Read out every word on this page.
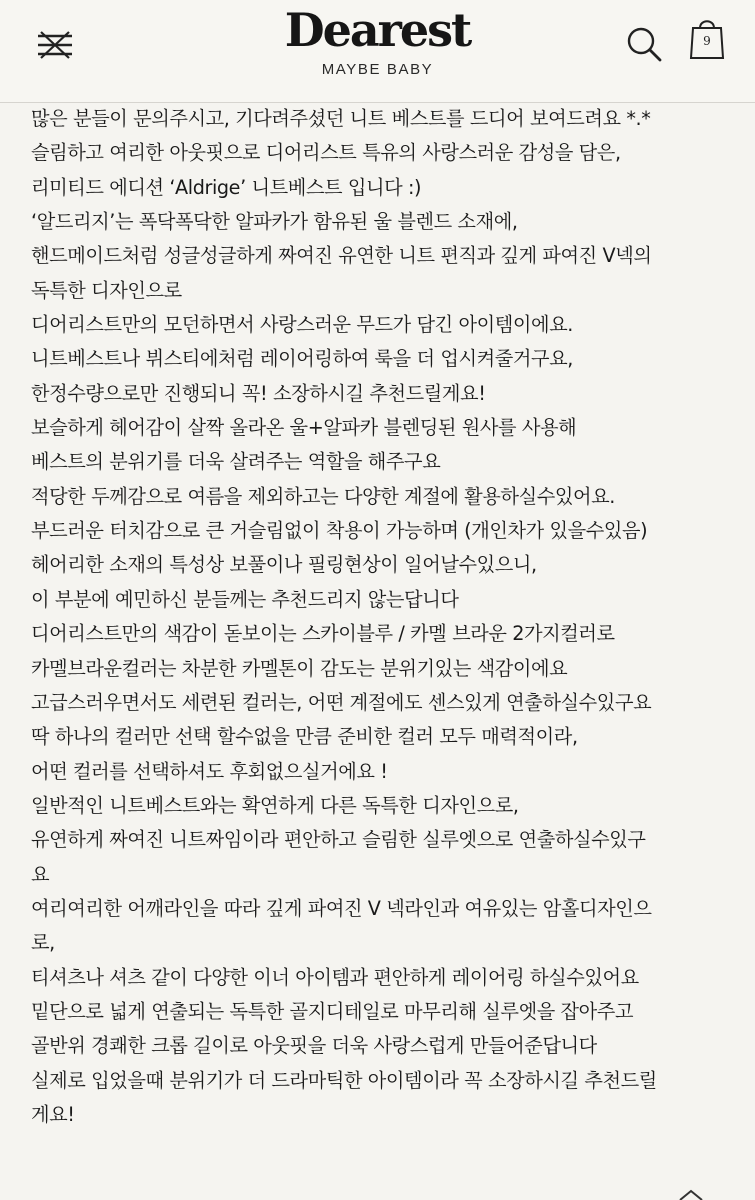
Dearest
MAYBE BABY
9
많은 분들이 문의주시고, 기다려주셨던 니트 베스트를 드디어 보여드려요 *.*
슬림하고 여리한 아웃핏으로 디어리스트 특유의 사랑스러운 감성을 담은,
리미티드 에디션 ‘Aldrige’ 니트베스트 입니다 :)
‘알드리지’는 폭닥폭닥한 알파카가 함유된 울 블렌드 소재에,
핸드메이드처럼 성글성글하게 짜여진 유연한 니트 편직과 깊게 파여진 V넥의
독특한 디자인으로
디어리스트만의 모던하면서 사랑스러운 무드가 담긴 아이템이에요.
니트베스트나 뷔스티에처럼 레이어링하여 룩을 더 업시켜줄거구요,
한정수량으로만 진행되니 꼭! 소장하시길 추천드릴게요!
보슬하게 헤어감이 살짝 올라온 울+알파카 블렌딩된 원사를 사용해
베스트의 분위기를 더욱 살려주는 역할을 해주구요
적당한 두께감으로 여름을 제외하고는 다양한 계절에 활용하실수있어요.
부드러운 터치감으로 큰 거슬림없이 착용이 가능하며 (개인차가 있을수있음)
헤어리한 소재의 특성상 보풀이나 필링현상이 일어날수있으니,
이 부분에 예민하신 분들께는 추천드리지 않는답니다
디어리스트만의 색감이 돋보이는 스카이블루 / 카멜 브라운 2가지컬러로
카멜브라운컬러는 차분한 카멜톤이 감도는 분위기있는 색감이에요
고급스러우면서도 세련된 컬러는, 어떤 계절에도 센스있게 연출하실수있구요
딱 하나의 컬러만 선택 할수없을 만큼 준비한 컬러 모두 매력적이라,
어떤 컬러를 선택하셔도 후회없으실거에요 !
일반적인 니트베스트와는 확연하게 다른 독특한 디자인으로,
유연하게 짜여진 니트짜임이라 편안하고 슬림한 실루엣으로 연출하실수있구
요
여리여리한 어깨라인을 따라 깊게 파여진 V 넥라인과 여유있는 암홀디자인으
로,
티셔츠나 셔츠 같이 다양한 이너 아이템과 편안하게 레이어링 하실수있어요
밑단으로 넓게 연출되는 독특한 골지디테일로 마무리해 실루엣을 잡아주고
골반위 경쾌한 크롭 길이로 아웃핏을 더욱 사랑스럽게 만들어준답니다
실제로 입었을때 분위기가 더 드라마틱한 아이템이라 꼭 소장하시길 추천드릴
게요!
